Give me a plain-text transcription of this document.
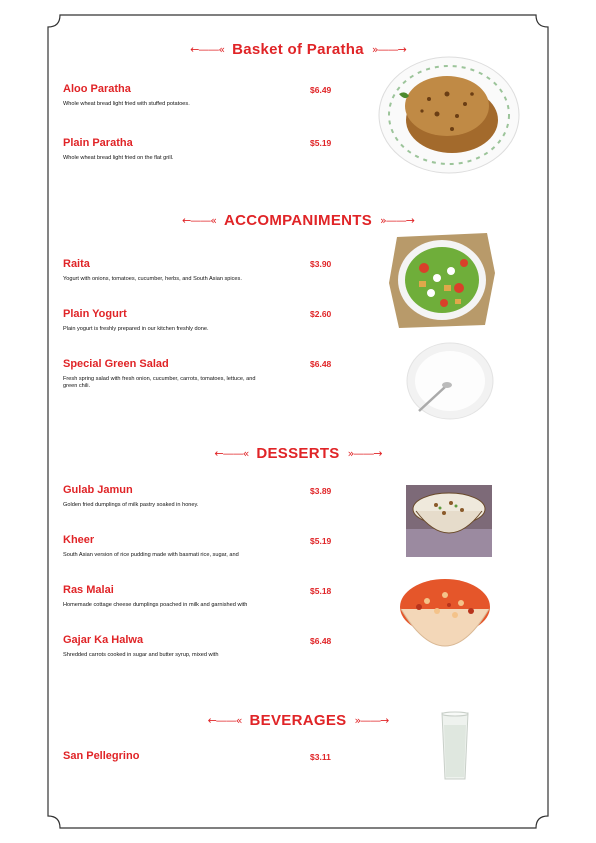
←——« Basket of Paratha »——→
Aloo Paratha
Whole wheat bread light fried with stuffed potatoes.
$6.49
Plain Paratha
Whole wheat bread light fried on the flat grill.
$5.19
←——« ACCOMPANIMENTS »——→
Raita
Yogurt with onions, tomatoes, cucumber, herbs, and South Asian spices.
$3.90
Plain Yogurt
Plain yogurt is freshly prepared in our kitchen freshly done.
$2.60
Special Green Salad
Fresh spring salad with fresh onion, cucumber, carrots, tomatoes, lettuce, and green chili.
$6.48
←——« DESSERTS »——→
Gulab Jamun
Golden fried dumplings of milk pastry soaked in honey.
$3.89
Kheer
South Asian version of rice pudding made with basmati rice, sugar, and
$5.19
Ras Malai
Homemade cottage cheese dumplings poached in milk and garnished with
$5.18
Gajar Ka Halwa
Shredded carrots cooked in sugar and butter syrup, mixed with
$6.48
←——« BEVERAGES »——→
San Pellegrino	$3.11
